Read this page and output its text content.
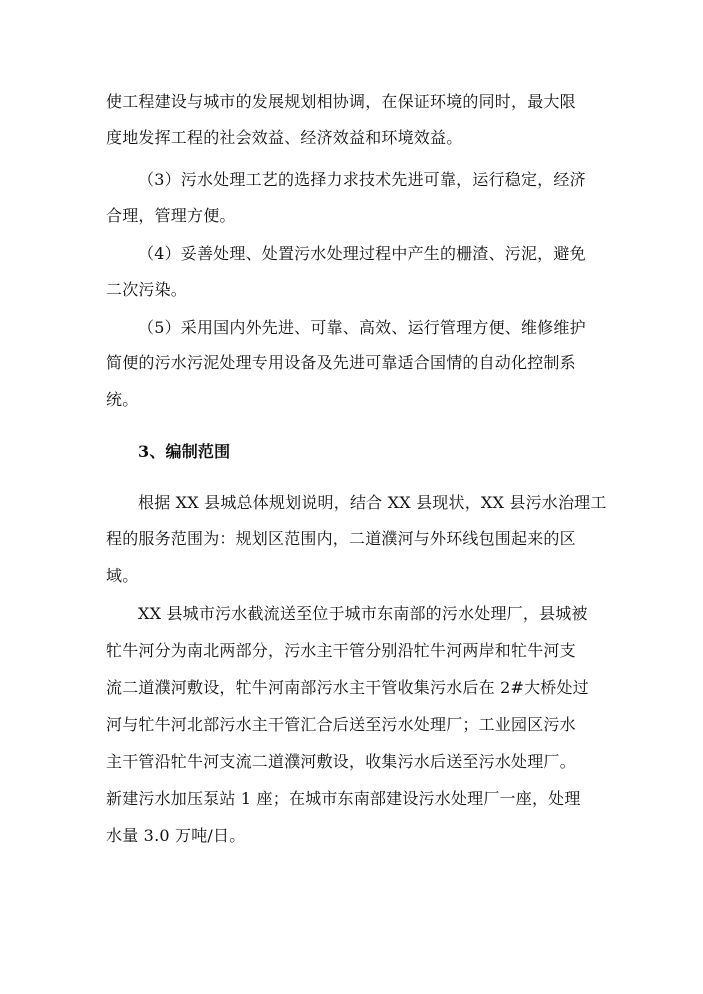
使工程建设与城市的发展规划相协调，在保证环境的同时，最大限
度地发挥工程的社会效益、经济效益和环境效益。
（3）污水处理工艺的选择力求技术先进可靠，运行稳定，经济
合理，管理方便。
（4）妥善处理、处置污水处理过程中产生的栅渣、污泥，避免
二次污染。
（5）采用国内外先进、可靠、高效、运行管理方便、维修维护
简便的污水污泥处理专用设备及先进可靠适合国情的自动化控制系
统。
3、编制范围
根据 XX 县城总体规划说明，结合 XX 县现状，XX 县污水治理工
程的服务范围为：规划区范围内，二道濮河与外环线包围起来的区
域。
XX 县城市污水截流送至位于城市东南部的污水处理厂，县城被
牤牛河分为南北两部分，污水主干管分别沿牤牛河两岸和牤牛河支
流二道濮河敷设，牤牛河南部污水主干管收集污水后在 2#大桥处过
河与牤牛河北部污水主干管汇合后送至污水处理厂；工业园区污水
主干管沿牤牛河支流二道濮河敷设，收集污水后送至污水处理厂。
新建污水加压泵站 1 座；在城市东南部建设污水处理厂一座，处理
水量 3.0 万吨/日。
